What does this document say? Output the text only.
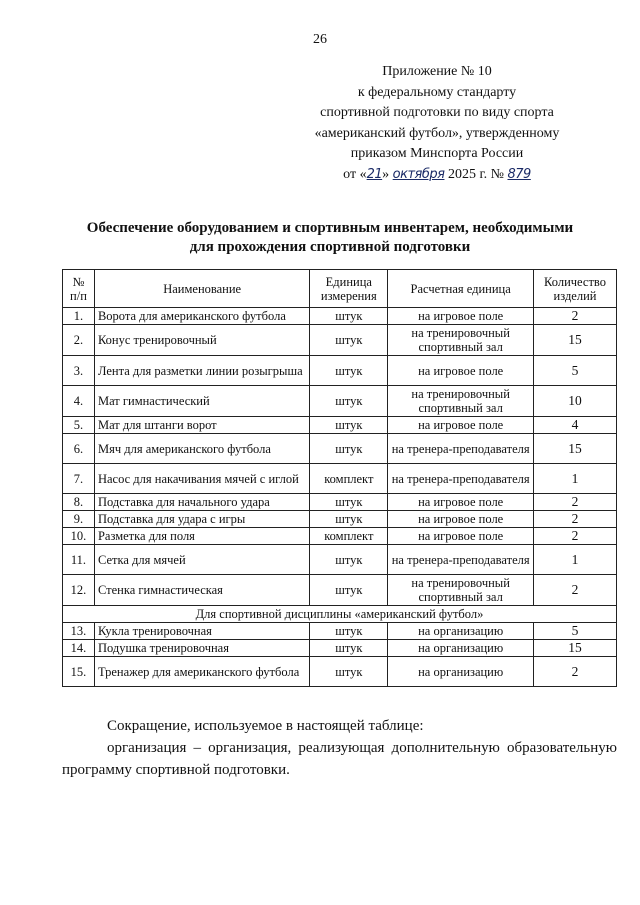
26
Приложение № 10
к федеральному стандарту
спортивной подготовки по виду спорта
«американский футбол», утвержденному
приказом Минспорта России
от «21» октября 2025 г. № 879
Обеспечение оборудованием и спортивным инвентарем, необходимыми
для прохождения спортивной подготовки
№ п/п	Наименование	Единица измерения	Расчетная единица	Количество изделий
1.	Ворота для американского футбола	штук	на игровое поле	2
2.	Конус тренировочный	штук	на тренировочный спортивный зал	15
3.	Лента для разметки линии розыгрыша	штук	на игровое поле	5
4.	Мат гимнастический	штук	на тренировочный спортивный зал	10
5.	Мат для штанги ворот	штук	на игровое поле	4
6.	Мяч для американского футбола	штук	на тренера-преподавателя	15
7.	Насос для накачивания мячей с иглой	комплект	на тренера-преподавателя	1
8.	Подставка для начального удара	штук	на игровое поле	2
9.	Подставка для удара с игры	штук	на игровое поле	2
10.	Разметка для поля	комплект	на игровое поле	2
11.	Сетка для мячей	штук	на тренера-преподавателя	1
12.	Стенка гимнастическая	штук	на тренировочный спортивный зал	2
Для спортивной дисциплины «американский футбол»				
13.	Кукла тренировочная	штук	на организацию	5
14.	Подушка тренировочная	штук	на организацию	15
15.	Тренажер для американского футбола	штук	на организацию	2

Сокращение, используемое в настоящей таблице:

организация – организация, реализующая дополнительную образовательную программу спортивной подготовки.
